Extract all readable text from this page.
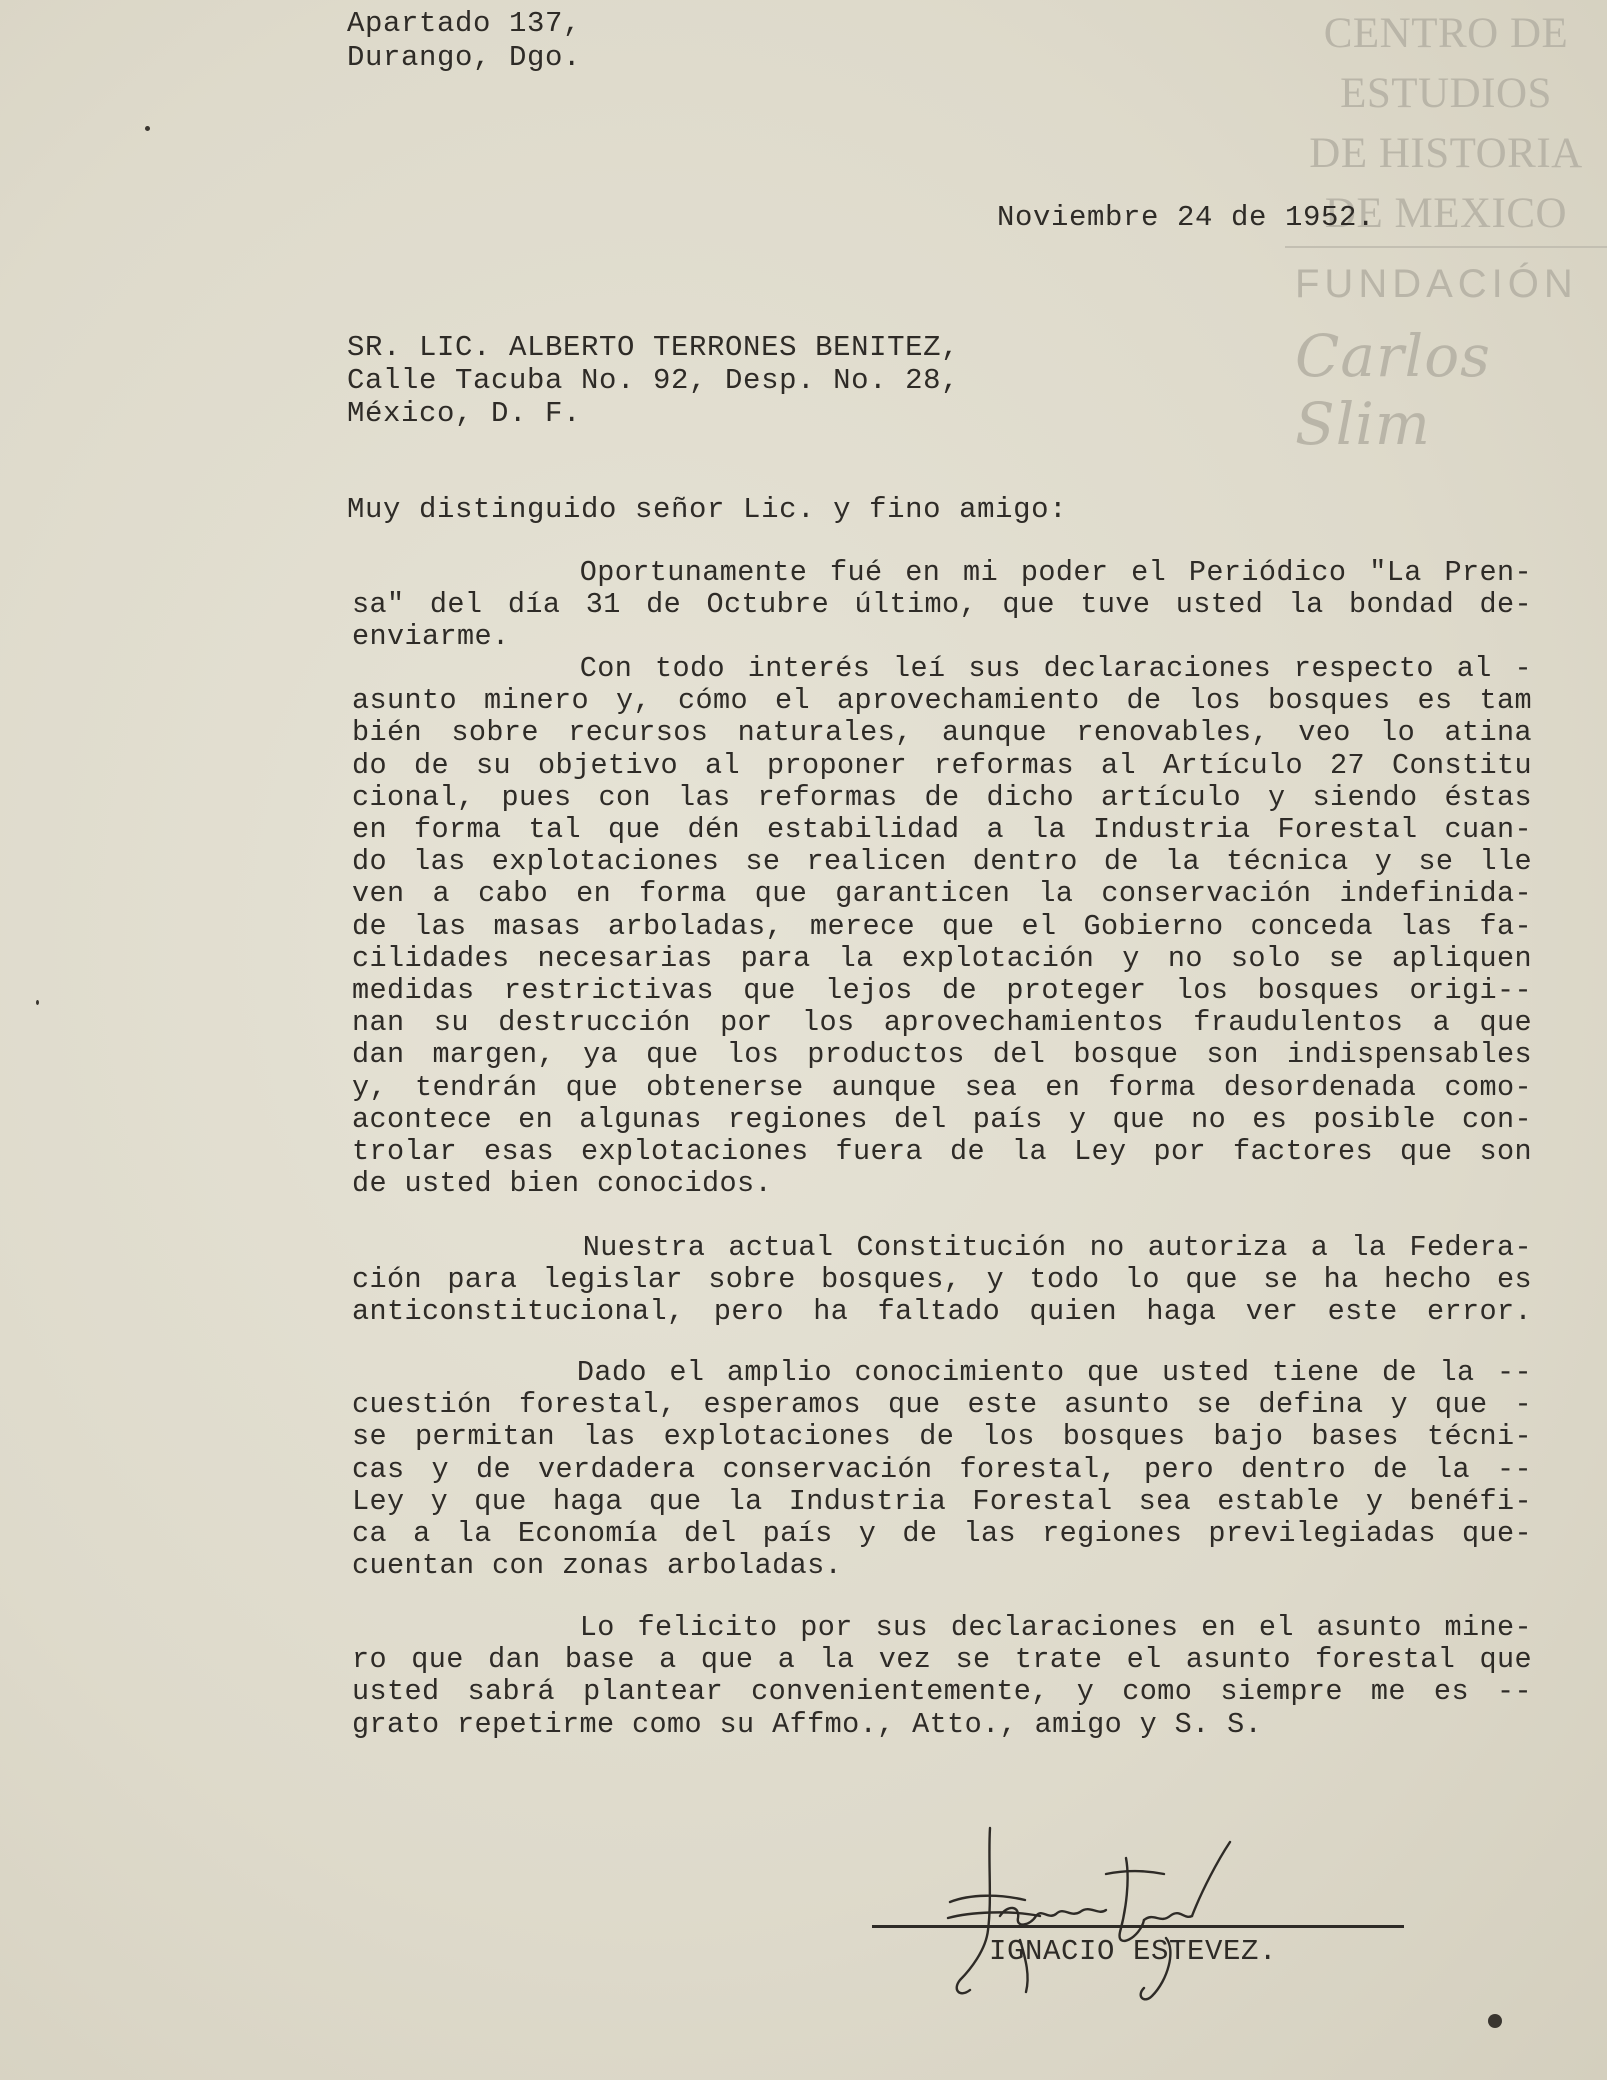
CENTRO DE
ESTUDIOS
DE HISTORIA
DE MEXICO
FUNDACIÓN
Carlos Slim
Apartado 137,
Durango, Dgo.
Noviembre 24 de 1952.
SR. LIC. ALBERTO TERRONES BENITEZ,
Calle Tacuba No. 92, Desp. No. 28,
México, D. F.
Muy distinguido señor Lic. y fino amigo:
Oportunamente fué en mi poder el Periódico "La Pren-
sa" del día 31 de Octubre último, que tuve usted la bondad de-
enviarme.
Con todo interés leí sus declaraciones respecto al -
asunto minero y, cómo el aprovechamiento de los bosques es tam
bién sobre recursos naturales, aunque renovables, veo lo atina
do de su objetivo al proponer reformas al Artículo 27 Constitu
cional, pues con las reformas de dicho artículo y siendo éstas
en forma tal que dén estabilidad a la Industria Forestal cuan-
do las explotaciones se realicen dentro de la técnica y se lle
ven a cabo en forma que garanticen la conservación indefinida-
de las masas arboladas, merece que el Gobierno conceda las fa-
cilidades necesarias para la explotación y no solo se apliquen
medidas restrictivas que lejos de proteger los bosques origi--
nan su destrucción por los aprovechamientos fraudulentos a que
dan margen, ya que los productos del bosque son indispensables
y, tendrán que obtenerse aunque sea en forma desordenada como-
acontece en algunas regiones del país y que no es posible con-
trolar esas explotaciones fuera de la Ley por factores que son
de usted bien conocidos.
Nuestra actual Constitución no autoriza a la Federa-
ción para legislar sobre bosques, y todo lo que se ha hecho es
anticonstitucional, pero ha faltado quien haga ver este error.
Dado el amplio conocimiento que usted tiene de la --
cuestión forestal, esperamos que este asunto se defina y que -
se permitan las explotaciones de los bosques bajo bases técni-
cas y de verdadera conservación forestal, pero dentro de la --
Ley y que haga que la Industria Forestal sea estable y benéfi-
ca a la Economía del país y de las regiones previlegiadas que-
cuentan con zonas arboladas.
Lo felicito por sus declaraciones en el asunto mine-
ro que dan base a que a la vez se trate el asunto forestal que
usted sabrá plantear convenientemente, y como siempre me es --
grato repetirme como su Affmo., Atto., amigo y S. S.
IGNACIO ESTEVEZ.
